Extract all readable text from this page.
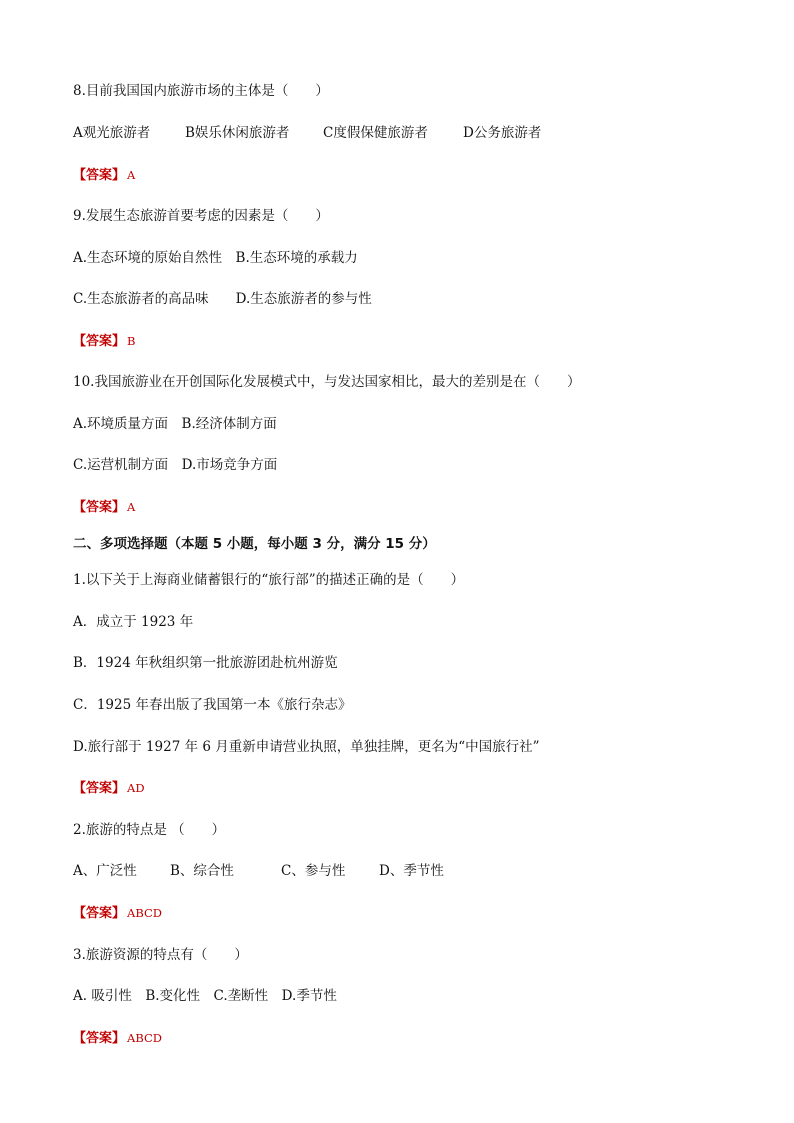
8.目前我国国内旅游市场的主体是（　　）
A观光旅游者	B娱乐休闲旅游者 C度假保健旅游者	D公务旅游者
【答案】 A
9.发展生态旅游首要考虑的因素是（　　）
A.生态环境的原始自然性　B.生态环境的承载力
C.生态旅游者的高品味　　D.生态旅游者的参与性
【答案】 B
10.我国旅游业在开创国际化发展模式中，与发达国家相比，最大的差别是在（　　）
A.环境质量方面　B.经济体制方面
C.运营机制方面　D.市场竞争方面
【答案】 A
二、多项选择题（本题 5 小题，每小题 3 分，满分 15 分）
1.以下关于上海商业储蓄银行的“旅行部”的描述正确的是（　　）
A．成立于 1923 年
B．1924 年秋组织第一批旅游团赴杭州游览
C．1925 年春出版了我国第一本《旅行杂志》
D.旅行部于 1927 年 6 月重新申请营业执照，单独挂牌，更名为“中国旅行社”
【答案】 AD
2.旅游的特点是 （　　）
A、广泛性 B、综合性	C、参与性 D、季节性
【答案】 ABCD
3.旅游资源的特点有（　　）
A. 吸引性　B.变化性　C.垄断性　D.季节性
【答案】 ABCD
